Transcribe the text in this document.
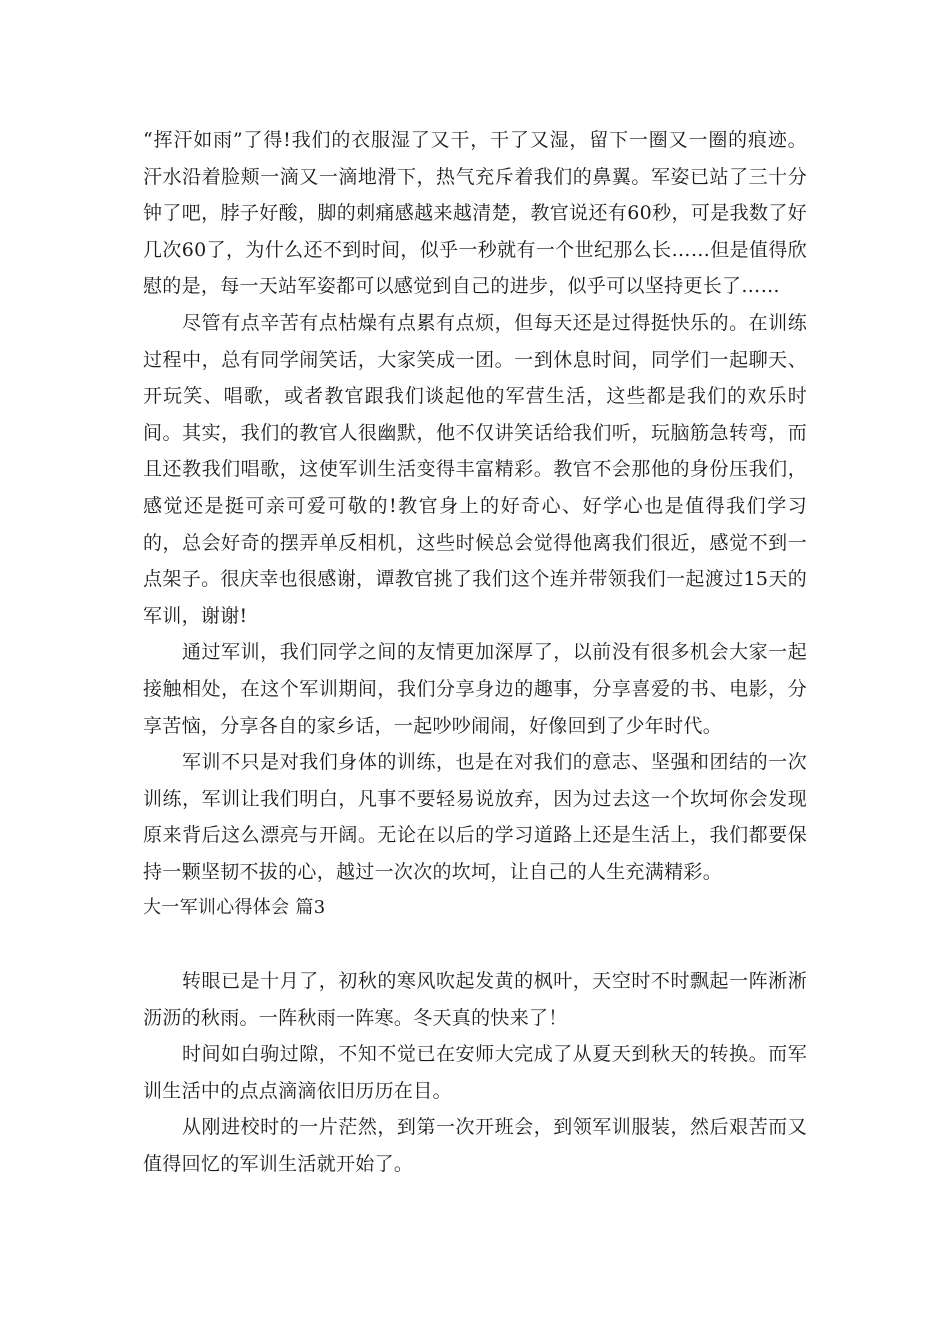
“挥汗如雨”了得!我们的衣服湿了又干，干了又湿，留下一圈又一圈的痕迹。汗水沿着脸颊一滴又一滴地滑下，热气充斥着我们的鼻翼。军姿已站了三十分钟了吧，脖子好酸，脚的刺痛感越来越清楚，教官说还有60秒，可是我数了好几次60了，为什么还不到时间，似乎一秒就有一个世纪那么长……但是值得欣慰的是，每一天站军姿都可以感觉到自己的进步，似乎可以坚持更长了……

尽管有点辛苦有点枯燥有点累有点烦，但每天还是过得挺快乐的。在训练过程中，总有同学闹笑话，大家笑成一团。一到休息时间，同学们一起聊天、开玩笑、唱歌，或者教官跟我们谈起他的军营生活，这些都是我们的欢乐时间。其实，我们的教官人很幽默，他不仅讲笑话给我们听，玩脑筋急转弯，而且还教我们唱歌，这使军训生活变得丰富精彩。教官不会那他的身份压我们，感觉还是挺可亲可爱可敬的!教官身上的好奇心、好学心也是值得我们学习的，总会好奇的摆弄单反相机，这些时候总会觉得他离我们很近，感觉不到一点架子。很庆幸也很感谢，谭教官挑了我们这个连并带领我们一起渡过15天的军训，谢谢!

通过军训，我们同学之间的友情更加深厚了，以前没有很多机会大家一起接触相处，在这个军训期间，我们分享身边的趣事，分享喜爱的书、电影，分享苦恼，分享各自的家乡话，一起吵吵闹闹，好像回到了少年时代。

军训不只是对我们身体的训练，也是在对我们的意志、坚强和团结的一次训练，军训让我们明白，凡事不要轻易说放弃，因为过去这一个坎坷你会发现原来背后这么漂亮与开阔。无论在以后的学习道路上还是生活上，我们都要保持一颗坚韧不拔的心，越过一次次的坎坷，让自己的人生充满精彩。

大一军训心得体会 篇3

转眼已是十月了，初秋的寒风吹起发黄的枫叶，天空时不时飘起一阵淅淅沥沥的秋雨。一阵秋雨一阵寒。冬天真的快来了！

时间如白驹过隙，不知不觉已在安师大完成了从夏天到秋天的转换。而军训生活中的点点滴滴依旧历历在目。

从刚进校时的一片茫然，到第一次开班会，到领军训服装，然后艰苦而又值得回忆的军训生活就开始了。
